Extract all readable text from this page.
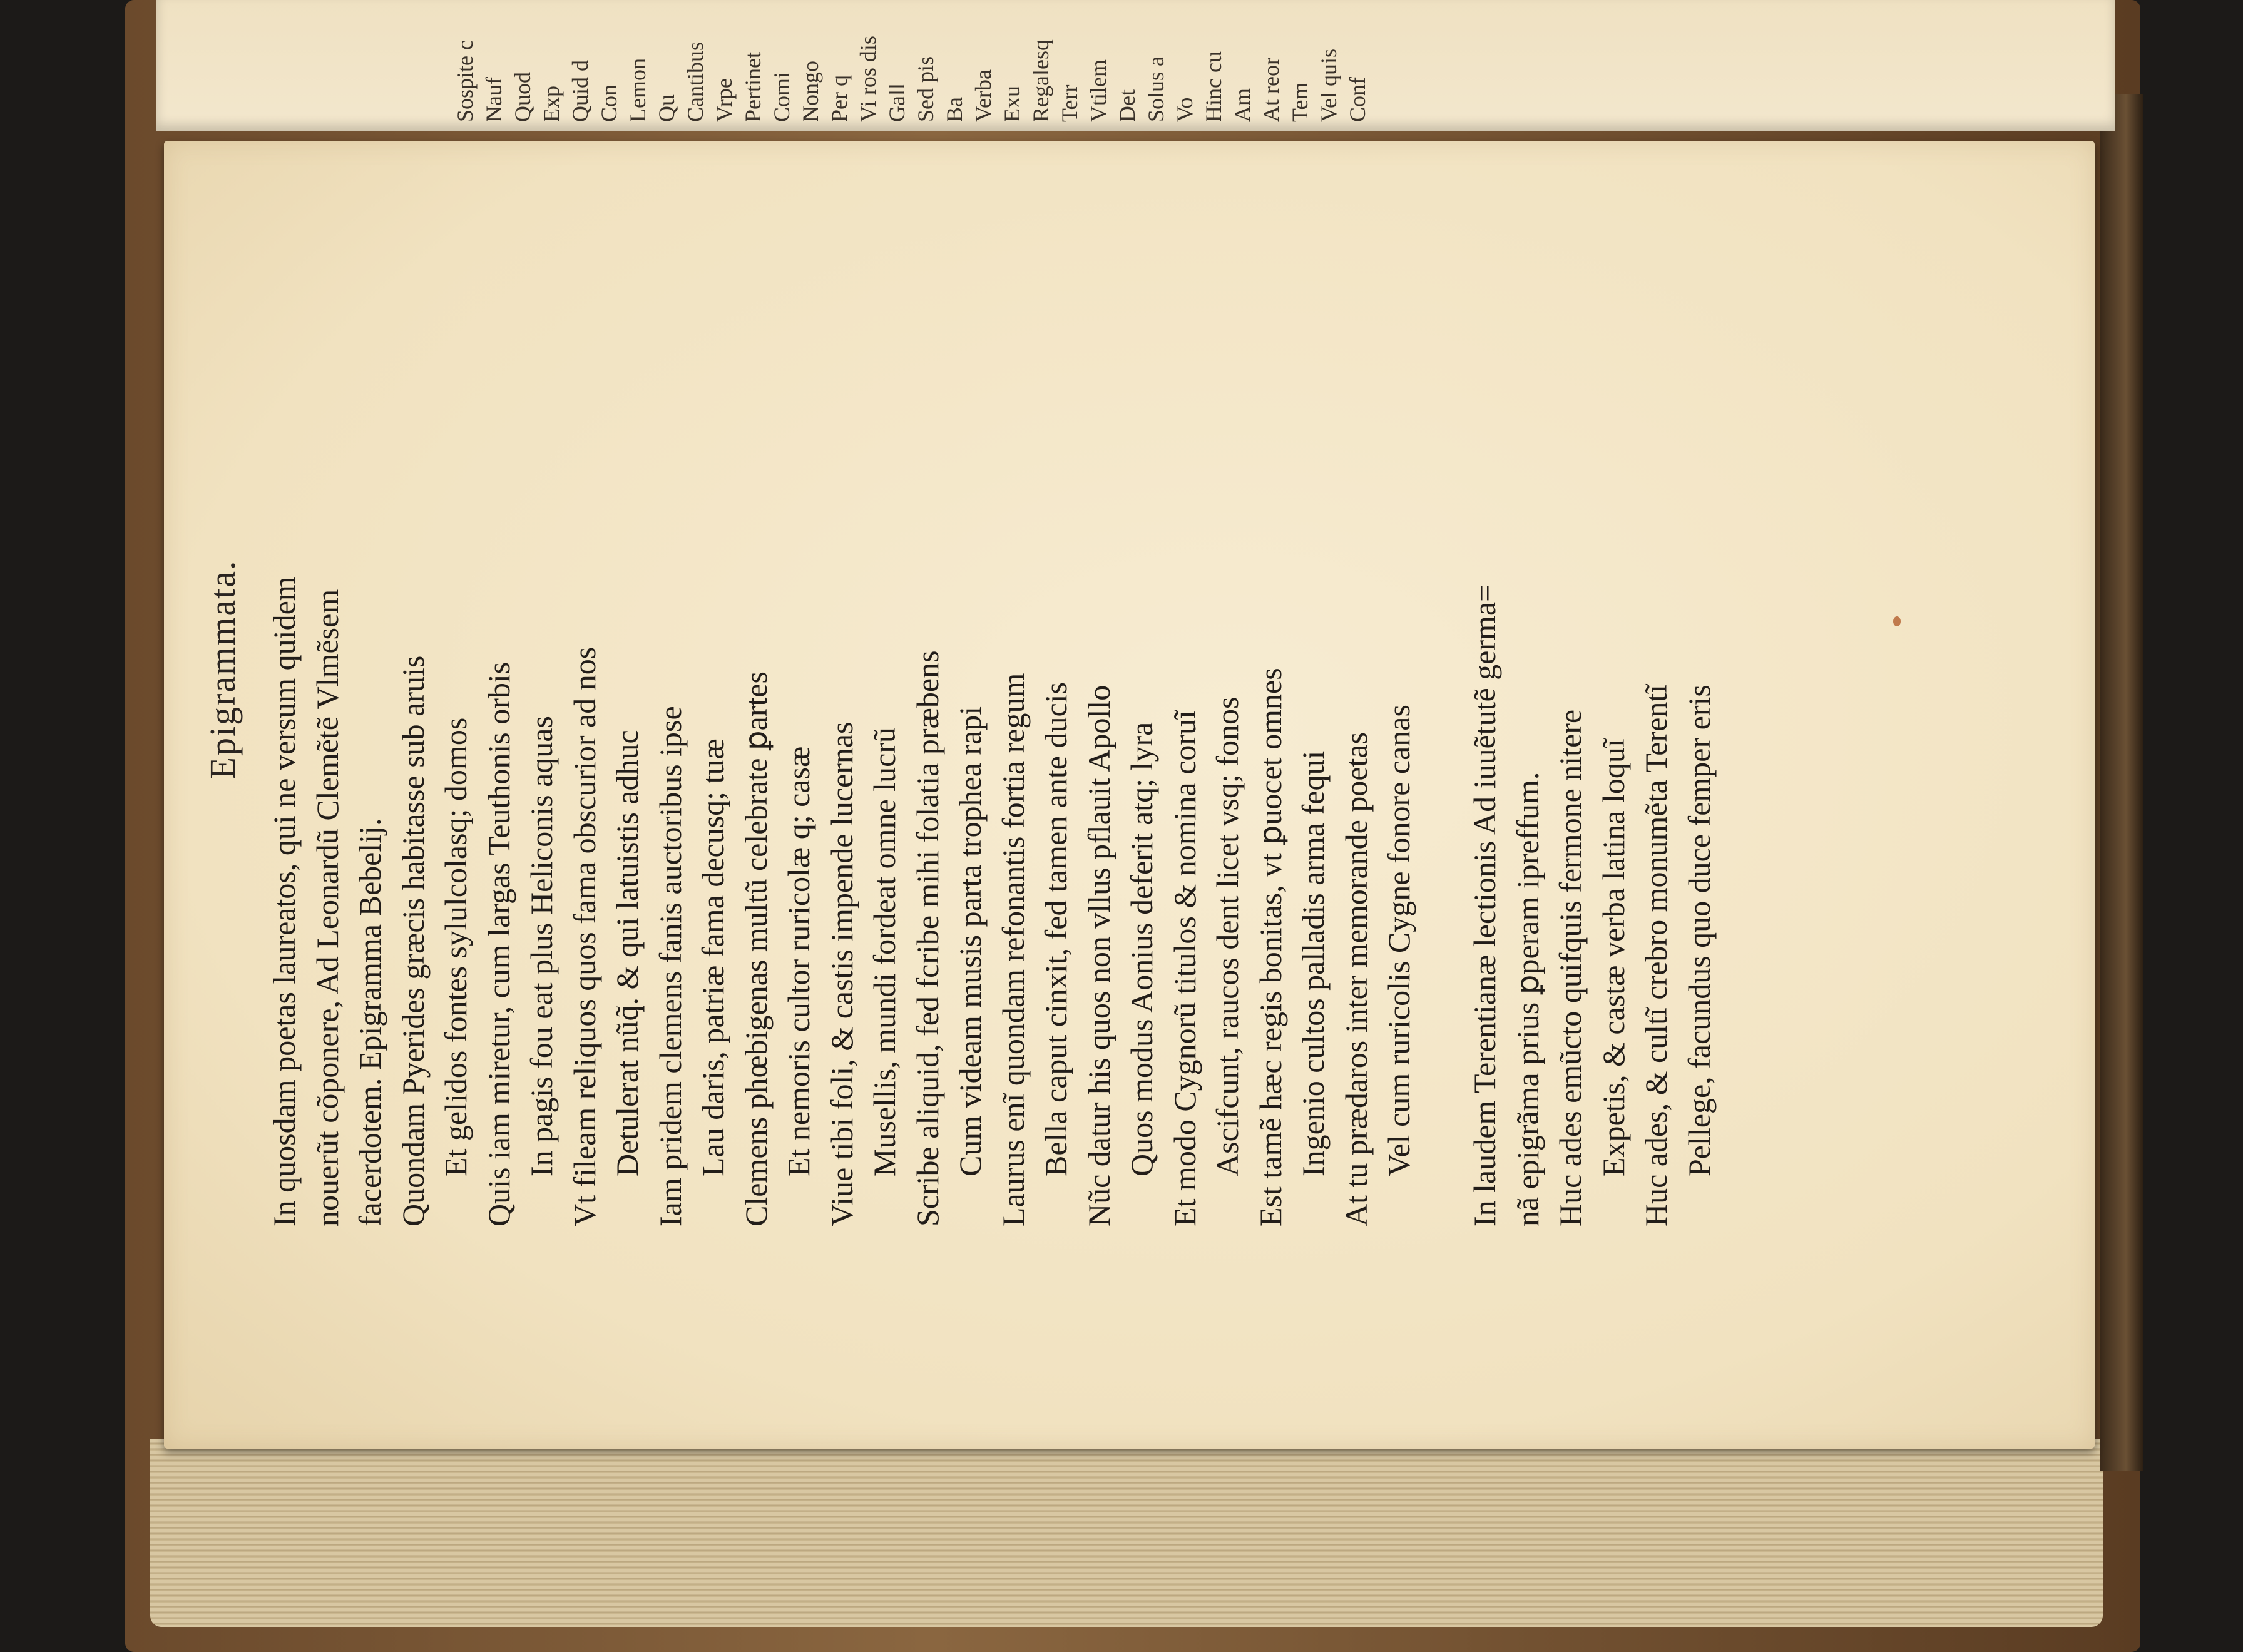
Sospite c Nauf Quod Exp Quid d Con Lemon Qu Cantibus Vrpe Pertinet Comi Nongo Per q Vi ros dis Gall Sed pis Ba Verba Exu Regalesq Terr Vtilem Det Solus a Vo Hinc cu Am At reor Tem Vel quis Conf
Epigrammata. In quosdam poetas laureatos, qui ne versum quidem nouerũt cõponere, Ad Leonardũ Clemẽtẽ Vlmẽsem facerdotem. Epigramma Bebelij. Quondam Pyerides græcis habitasse sub aruis Et gelidos fontes sylulcolasq; domos Quis iam miretur, cum largas Teuthonis orbis In pagis fou eat plus Heliconis aquas Vt fileam reliquos quos fama obscurior ad nos Detulerat nũq̃. & qui latuistis adhuc Iam pridem clemens fanis auctoribus ipse Lau daris, patriæ fama decusq; tuæ Clemens phœbigenas multũ celebrate ꝑartes Et nemoris cultor ruricolæ q; casæ Viue tibi foli, & castis impende lucernas Musellis, mundi fordeat omne lucrũ Scribe aliquid, fed fcribe mihi folatia præbens Cum videam musis parta trophea rapi Laurus enĩ quondam refonantis fortia regum Bella caput cinxit, fed tamen ante ducis Nũc datur his quos non vllus pflauit Apollo Quos modus Aonius deferit atq; lyra Et modo Cygnorũ titulos & nomina coruĩ Ascifcunt, raucos dent licet vsq; fonos Est tamẽ hæc regis bonitas, vt ꝑuocet omnes Ingenio cultos palladis arma fequi At tu prædaros inter memorande poetas Vel cum ruricolis Cygne fonore canas In laudem Terentianæ lectionis Ad iuuẽtutẽ germa= nã epigrãma prius ꝑperam ipreffum. Huc ades emũcto quifquis fermone nitere Expetis, & castæ verba latina loquĩ Huc ades, & cultĩ crebro monumẽta Terentĩ Pellege, facundus quo duce femper eris
